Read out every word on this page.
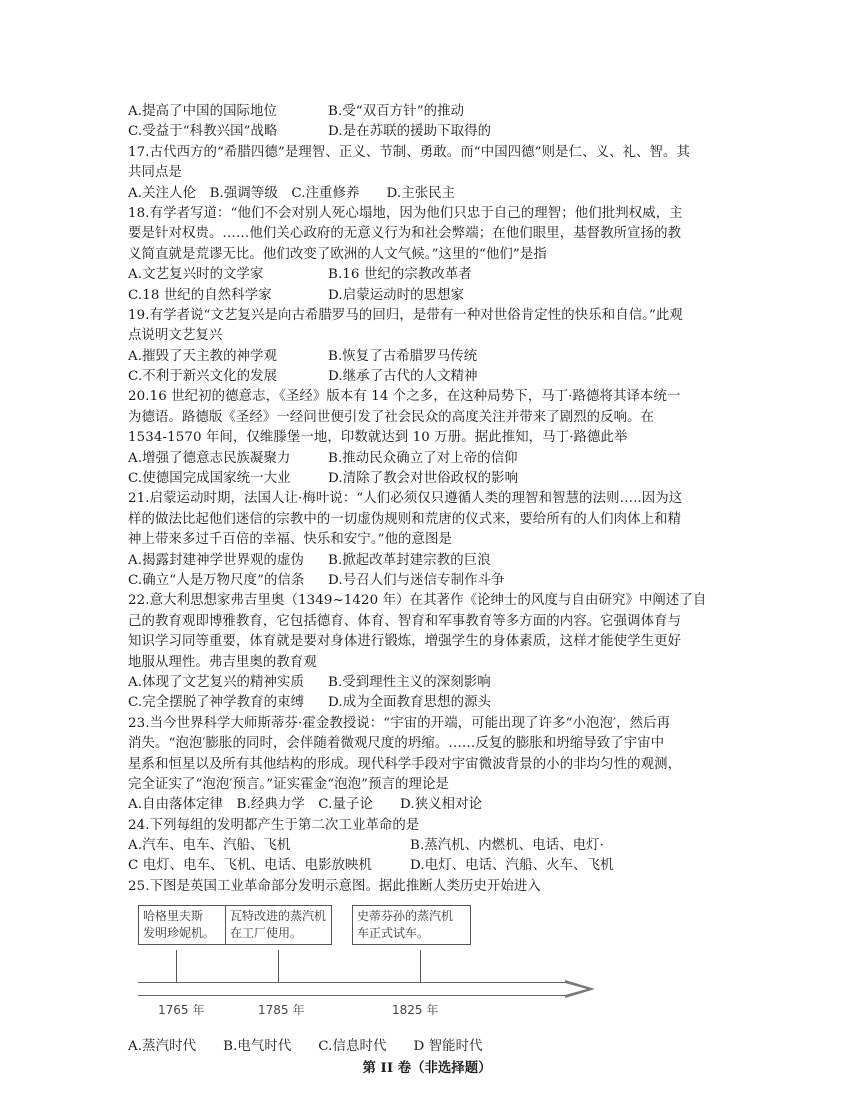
A.提高了中国的国际地位	B.受“双百方针”的推动
C.受益于“科教兴国”战略	D.是在苏联的援助下取得的
17.古代西方的“希腊四德”是理智、正义、节制、勇敢。而“中国四德”则是仁、义、礼、智。其
共同点是
A.关注人伦　B.强调等级　C.注重修养　　D.主张民主
18.有学者写道：“他们不会对别人死心塌地，因为他们只忠于自己的理智；他们批判权威，主
要是针对权贵。……他们关心政府的无意义行为和社会弊端；在他们眼里，基督教所宣扬的教
义简直就是荒谬无比。他们改变了欧洲的人文气候。”这里的“他们”是指
A.文艺复兴时的文学家	B.16 世纪的宗教改革者
C.18 世纪的自然科学家	D.启蒙运动时的思想家
19.有学者说“文艺复兴是向古希腊罗马的回归，是带有一种对世俗肯定性的快乐和自信。”此观
点说明文艺复兴
A.摧毁了天主教的神学观	B.恢复了古希腊罗马传统
C.不利于新兴文化的发展	D.继承了古代的人文精神
20.16 世纪初的德意志，《圣经》版本有 14 个之多，在这种局势下，马丁·路德将其译本统一
为德语。路德版《圣经》一经问世便引发了社会民众的高度关注并带来了剧烈的反响。在
1534-1570 年间，仅维滕堡一地，印数就达到 10 万册。据此推知，马丁·路德此举
A.增强了德意志民族凝聚力	B.推动民众确立了对上帝的信仰
C.使德国完成国家统一大业	D.清除了教会对世俗政权的影响
21.启蒙运动时期，法国人让·梅叶说：“人们必须仅只遵循人类的理智和智慧的法则…..因为这
样的做法比起他们迷信的宗教中的一切虚伪规则和荒唐的仪式来，要给所有的人们肉体上和精
神上带来多过千百倍的幸福、快乐和安宁。”他的意图是
A.揭露封建神学世界观的虚伪	B.掀起改革封建宗教的巨浪
C.确立“人是万物尺度”的信条	D.号召人们与迷信专制作斗争
22.意大利思想家弗吉里奥（1349~1420 年）在其著作《论绅士的风度与自由研究》中阐述了自
己的教育观即博雅教育，它包括德育、体育、智育和军事教育等多方面的内容。它强调体育与
知识学习同等重要，体育就是要对身体进行锻炼，增强学生的身体素质，这样才能使学生更好
地服从理性。弗吉里奥的教育观
A.体现了文艺复兴的精神实质	B.受到理性主义的深刻影响
C.完全摆脱了神学教育的束缚	D.成为全面教育思想的源头
23.当今世界科学大师斯蒂芬·霍金教授说：“宇宙的开端，可能出现了许多“小泡泡′，然后再
消失。“泡泡′膨胀的同时，会伴随着微观尺度的坍缩。……反复的膨胀和坍缩导致了宇宙中
星系和恒星以及所有其他结构的形成。现代科学手段对宇宙微波背景的小的非均匀性的观测，
完全证实了“泡泡′预言。”证实霍金“泡泡”预言的理论是
A.自由落体定律　B.经典力学　C.量子论　　D.狭义相对论
24.下列每组的发明都产生于第二次工业革命的是
A.汽车、电车、汽船、飞机	B.蒸汽机、内燃机、电话、电灯·
C 电灯、电车、飞机、电话、电影放映机	D.电灯、电话、汽船、火车、飞机
25.下图是英国工业革命部分发明示意图。据此推断人类历史开始进入
哈格里夫斯
发明珍妮机。
1765 年
瓦特改进的蒸汽机
在工厂使用。
1785 年
史蒂芬孙的蒸汽机
车正式试车。
1825 年
A.蒸汽时代　　B.电气时代　　C.信息时代　　D 智能时代
第 II 卷（非选择题）
